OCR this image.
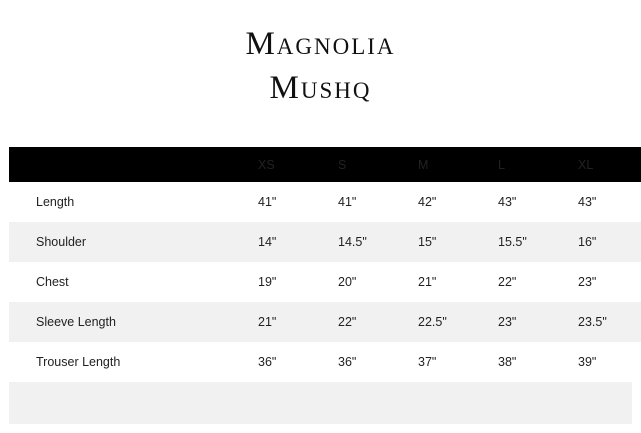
Magnolia
Mushq
	XS	S	M	L	XL
Length	41"	41"	42"	43"	43"
Shoulder	14"	14.5"	15"	15.5"	16"
Chest	19"	20"	21"	22"	23"
Sleeve Length	21"	22"	22.5"	23"	23.5"
Trouser Length	36"	36"	37"	38"	39"
